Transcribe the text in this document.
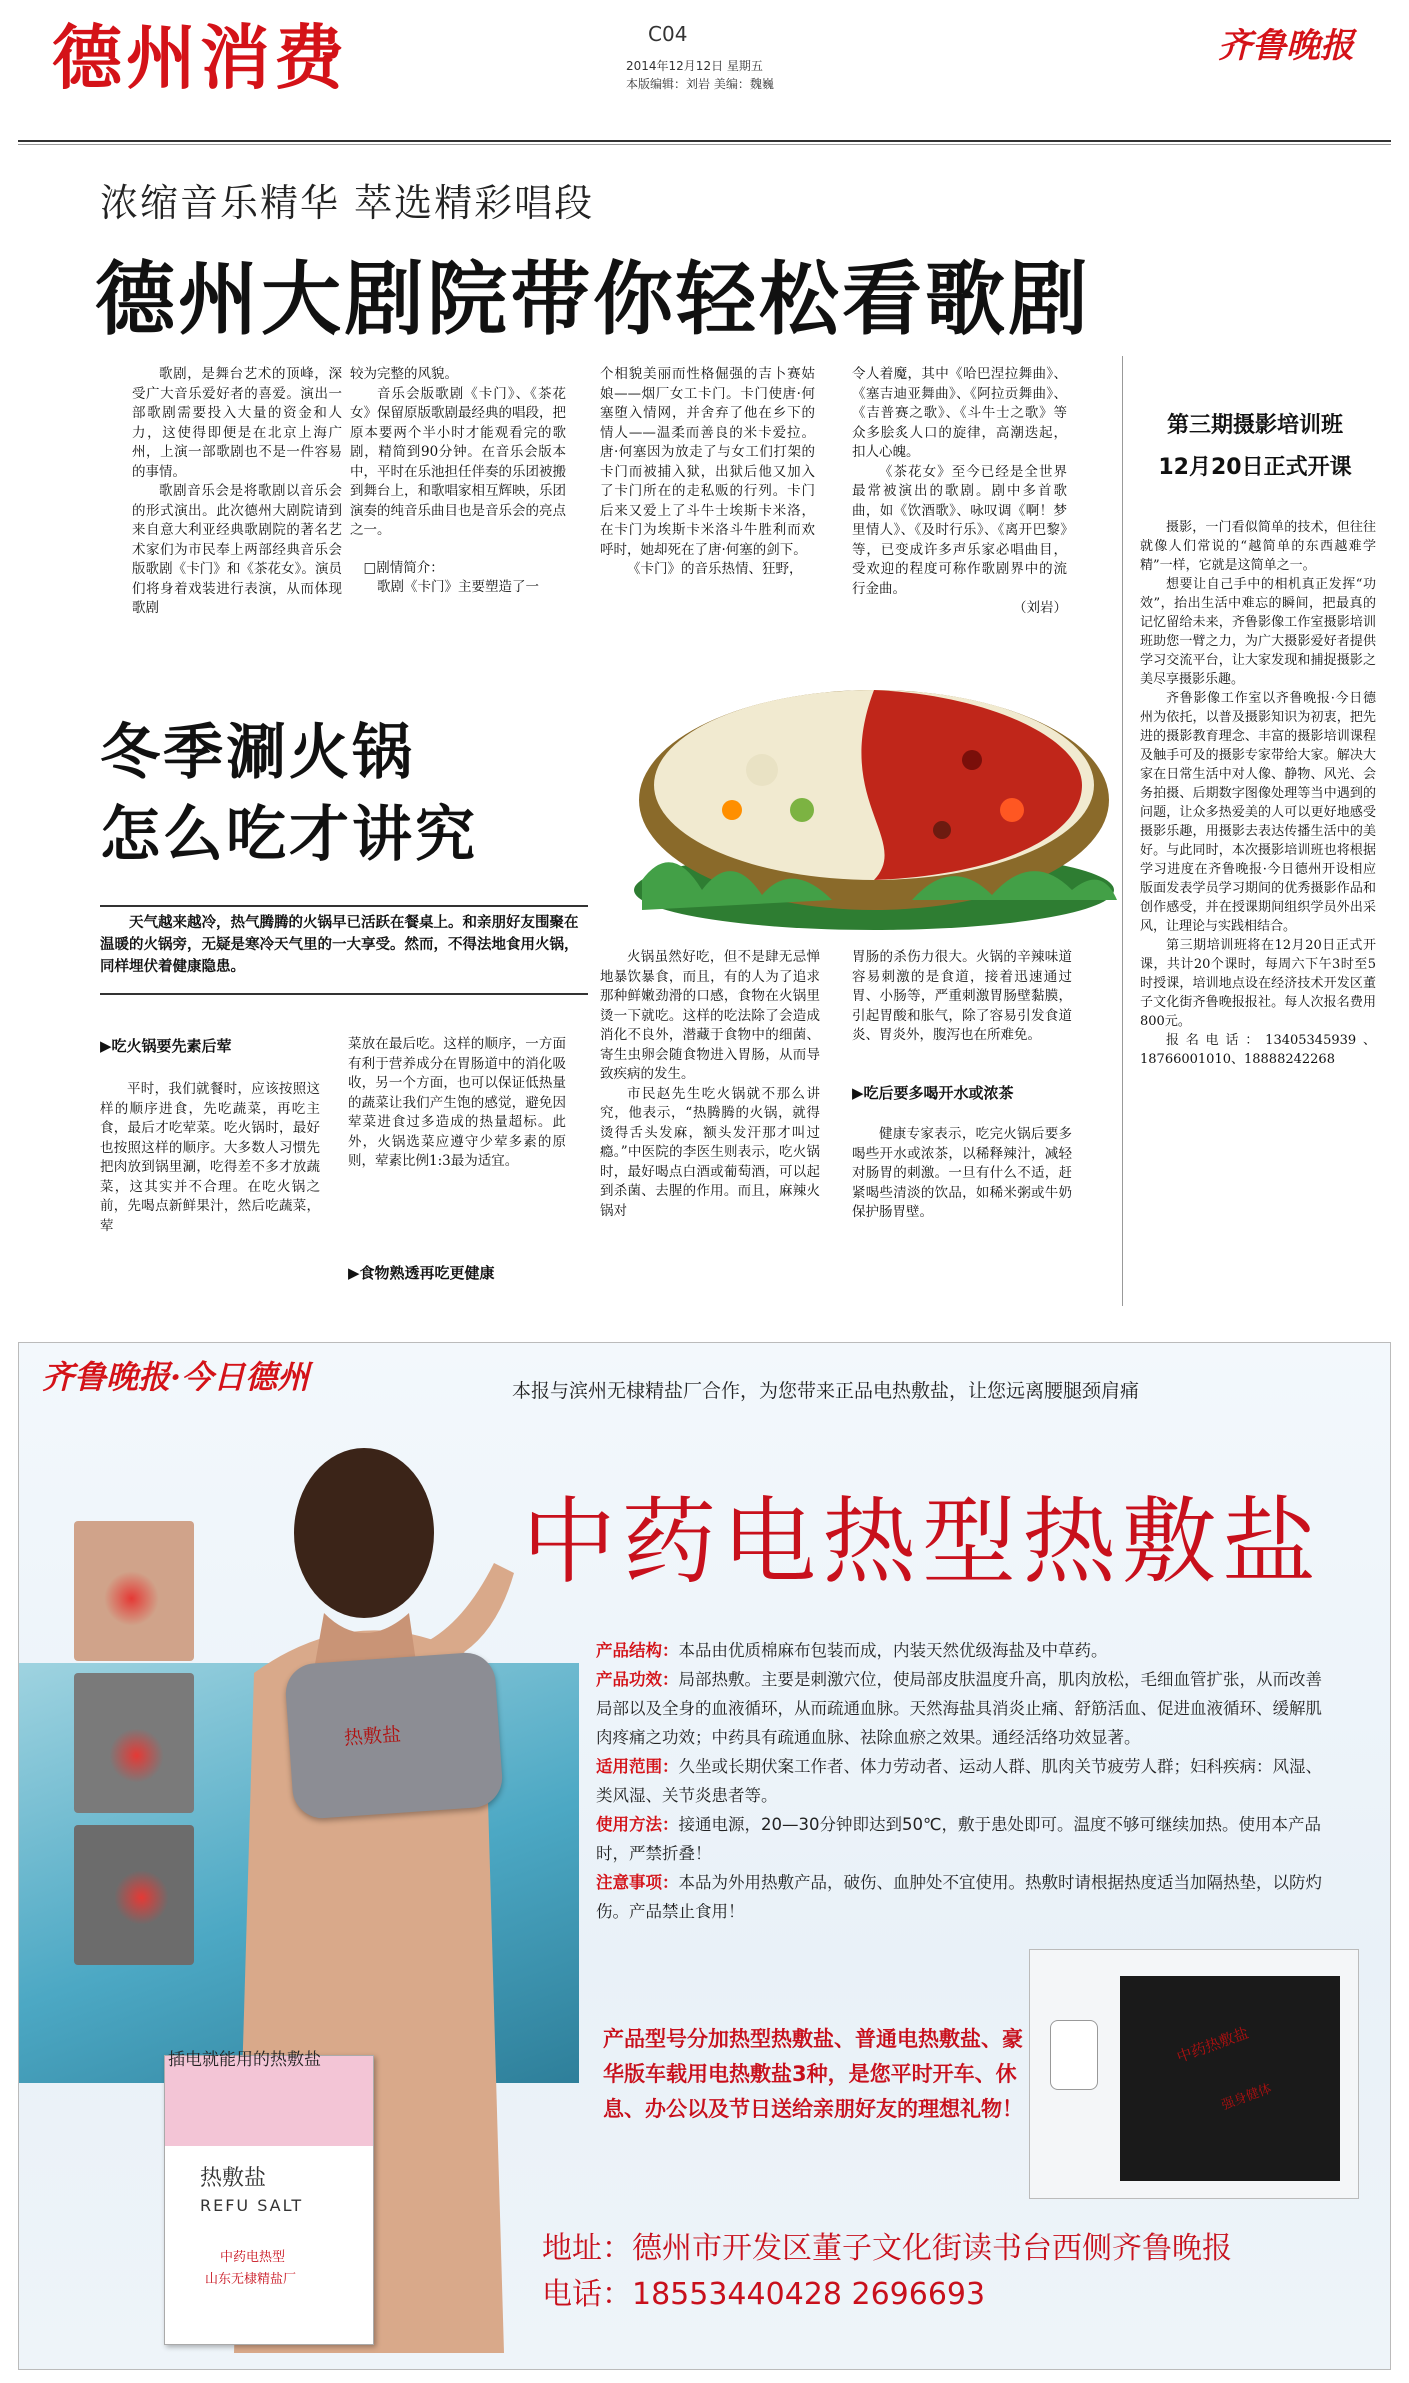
德州消费	C04
2014年12月12日 星期五
本版编辑：刘岩 美编：魏巍
齐鲁晚报
浓缩音乐精华 萃选精彩唱段
德州大剧院带你轻松看歌剧

歌剧，是舞台艺术的顶峰，深受广大音乐爱好者的喜爱。演出一部歌剧需要投入大量的资金和人力，这使得即便是在北京上海广州，上演一部歌剧也不是一件容易的事情。

歌剧音乐会是将歌剧以音乐会的形式演出。此次德州大剧院请到来自意大利亚经典歌剧院的著名艺术家们为市民奉上两部经典音乐会版歌剧《卡门》和《茶花女》。演员们将身着戏装进行表演，从而体现歌剧

较为完整的风貌。

音乐会版歌剧《卡门》、《茶花女》保留原版歌剧最经典的唱段，把原本要两个半小时才能观看完的歌剧，精简到90分钟。在音乐会版本中，平时在乐池担任伴奏的乐团被搬到舞台上，和歌唱家相互辉映，乐团演奏的纯音乐曲目也是音乐会的亮点之一。

□剧情简介：

歌剧《卡门》主要塑造了一

个相貌美丽而性格倔强的吉卜赛姑娘——烟厂女工卡门。卡门使唐·何塞堕入情网，并舍弃了他在乡下的情人——温柔而善良的米卡爱拉。唐·何塞因为放走了与女工们打架的卡门而被捕入狱，出狱后他又加入了卡门所在的走私贩的行列。卡门后来又爱上了斗牛士埃斯卡米洛，在卡门为埃斯卡米洛斗牛胜利而欢呼时，她却死在了唐·何塞的剑下。

《卡门》的音乐热情、狂野，

令人着魔，其中《哈巴涅拉舞曲》、《塞吉迪亚舞曲》、《阿拉贡舞曲》、《吉普赛之歌》、《斗牛士之歌》等众多脍炙人口的旋律，高潮迭起，扣人心魄。

《茶花女》至今已经是全世界最常被演出的歌剧。剧中多首歌曲，如《饮酒歌》、咏叹调《啊！梦里情人》、《及时行乐》、《离开巴黎》等，已变成许多声乐家必唱曲目，受欢迎的程度可称作歌剧界中的流行金曲。

（刘岩）

第三期摄影培训班
12月20日正式开课

摄影，一门看似简单的技术，但往往就像人们常说的“越简单的东西越难学精”一样，它就是这简单之一。

想要让自己手中的相机真正发挥“功效”，抬出生活中难忘的瞬间，把最真的记忆留给未来，齐鲁影像工作室摄影培训班助您一臂之力，为广大摄影爱好者提供学习交流平台，让大家发现和捕捉摄影之美尽享摄影乐趣。

齐鲁影像工作室以齐鲁晚报·今日德州为依托，以普及摄影知识为初衷，把先进的摄影教育理念、丰富的摄影培训课程及触手可及的摄影专家带给大家。解决大家在日常生活中对人像、静物、风光、会务拍摄、后期数字图像处理等当中遇到的问题，让众多热爱美的人可以更好地感受摄影乐趣，用摄影去表达传播生活中的美好。与此同时，本次摄影培训班也将根据学习进度在齐鲁晚报·今日德州开设相应版面发表学员学习期间的优秀摄影作品和创作感受，并在授课期间组织学员外出采风，让理论与实践相结合。

第三期培训班将在12月20日正式开课，共计20个课时，每周六下午3时至5时授课，培训地点设在经济技术开发区董子文化街齐鲁晚报报社。每人次报名费用800元。

报名电话：13405345939、18766001010、18888242268

冬季涮火锅
怎么吃才讲究
天气越来越冷，热气腾腾的火锅早已活跃在餐桌上。和亲朋好友围聚在温暖的火锅旁，无疑是寒冷天气里的一大享受。然而，不得法地食用火锅，同样埋伏着健康隐患。
▶吃火锅要先素后荤

平时，我们就餐时，应该按照这样的顺序进食，先吃蔬菜，再吃主食，最后才吃荤菜。吃火锅时，最好也按照这样的顺序。大多数人习惯先把肉放到锅里涮，吃得差不多才放蔬菜，这其实并不合理。在吃火锅之前，先喝点新鲜果汁，然后吃蔬菜，荤

菜放在最后吃。这样的顺序，一方面有利于营养成分在胃肠道中的消化吸收，另一个方面，也可以保证低热量的蔬菜让我们产生饱的感觉，避免因荤菜进食过多造成的热量超标。此外，火锅选菜应遵守少荤多素的原则，荤素比例1:3最为适宜。

▶食物熟透再吃更健康

火锅虽然好吃，但不是肆无忌惮地暴饮暴食，而且，有的人为了追求那种鲜嫩劲滑的口感，食物在火锅里烫一下就吃。这样的吃法除了会造成消化不良外，潜藏于食物中的细菌、寄生虫卵会随食物进入胃肠，从而导致疾病的发生。

市民赵先生吃火锅就不那么讲究，他表示，“热腾腾的火锅，就得烫得舌头发麻，额头发汗那才叫过瘾。”中医院的李医生则表示，吃火锅时，最好喝点白酒或葡萄酒，可以起到杀菌、去腥的作用。而且，麻辣火锅对

胃肠的杀伤力很大。火锅的辛辣味道容易刺激的是食道，接着迅速通过胃、小肠等，严重刺激胃肠壁黏膜，引起胃酸和胀气，除了容易引发食道炎、胃炎外，腹泻也在所难免。

▶吃后要多喝开水或浓茶

健康专家表示，吃完火锅后要多喝些开水或浓茶，以稀释辣汁，减轻对肠胃的刺激。一旦有什么不适，赶紧喝些清淡的饮品，如稀米粥或牛奶保护肠胃壁。

热敷盐
热敷盐
REFU SALT
中药电热型
山东无棣精盐厂
中药热敷盐
强身健体
齐鲁晚报·今日德州	本报与滨州无棣精盐厂合作，为您带来正品电热敷盐，让您远离腰腿颈肩痛
中药电热型热敷盐
产品结构：本品由优质棉麻布包装而成，内装天然优级海盐及中草药。
产品功效：局部热敷。主要是刺激穴位，使局部皮肤温度升高，肌肉放松，毛细血管扩张，从而改善局部以及全身的血液循环，从而疏通血脉。天然海盐具消炎止痛、舒筋活血、促进血液循环、缓解肌肉疼痛之功效；中药具有疏通血脉、祛除血瘀之效果。通经活络功效显著。
适用范围：久坐或长期伏案工作者、体力劳动者、运动人群、肌肉关节疲劳人群；妇科疾病：风湿、类风湿、关节炎患者等。
使用方法：接通电源，20—30分钟即达到50℃，敷于患处即可。温度不够可继续加热。使用本产品时，严禁折叠！
注意事项：本品为外用热敷产品，破伤、血肿处不宜使用。热敷时请根据热度适当加隔热垫，以防灼伤。产品禁止食用！
产品型号分加热型热敷盐、普通电热敷盐、豪华版车载用电热敷盐3种，是您平时开车、休息、办公以及节日送给亲朋好友的理想礼物！
插电就能用的热敷盐
地址：德州市开发区董子文化街读书台西侧齐鲁晚报
电话：18553440428 2696693
